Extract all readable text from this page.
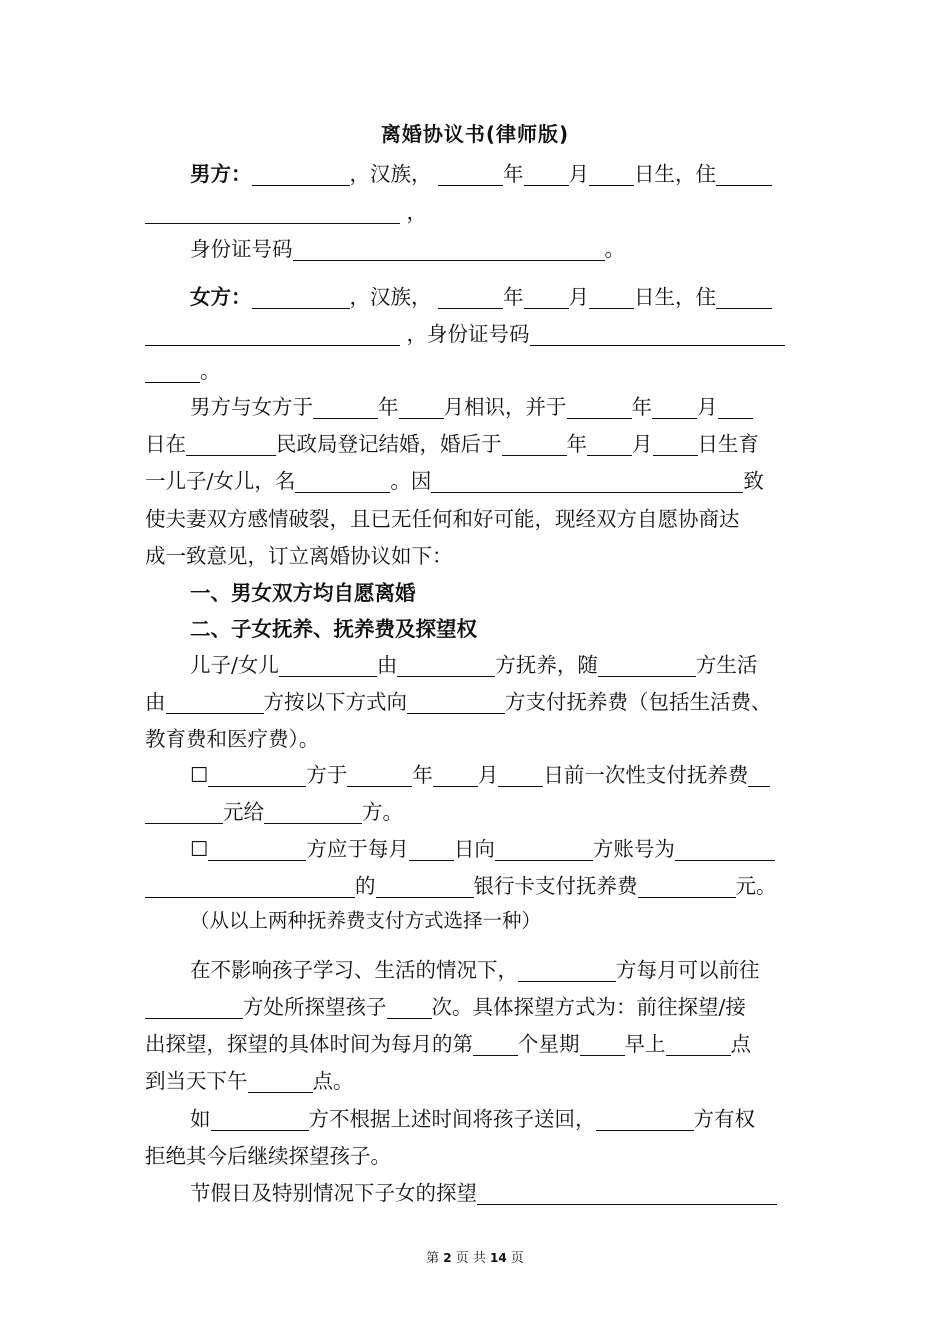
离婚协议书(律师版)
男方：	，汉族，	年 月 日生，住
，
身份证号码	。
女方：	，汉族，	年 月 日生，住
，身份证号码
。
男方与女方于	年 月相识，并于	年 月
日在	民政局登记结婚，婚后于	年 月 日生育
一儿子/女儿，名	。因	致
使夫妻双方感情破裂，且已无任何和好可能，现经双方自愿协商达
成一致意见，订立离婚协议如下：
一、男女双方均自愿离婚
二、子女抚养、抚养费及探望权
儿子/女儿	由	方抚养，随	方生活
由	方按以下方式向	方支付抚养费（包括生活费、
教育费和医疗费）。
☐	方于	年 月 日前一次性支付抚养费
元给	方。
☐	方应于每月 日向	方账号为
的	银行卡支付抚养费	元。
（从以上两种抚养费支付方式选择一种）
在不影响孩子学习、生活的情况下，	方每月可以前往
方处所探望孩子 次。具体探望方式为：前往探望/接
出探望，探望的具体时间为每月的第 个星期 早上	点
到当天下午	点。
如	方不根据上述时间将孩子送回，	方有权
拒绝其今后继续探望孩子。
节假日及特别情况下子女的探望
第 2 页 共 14 页
